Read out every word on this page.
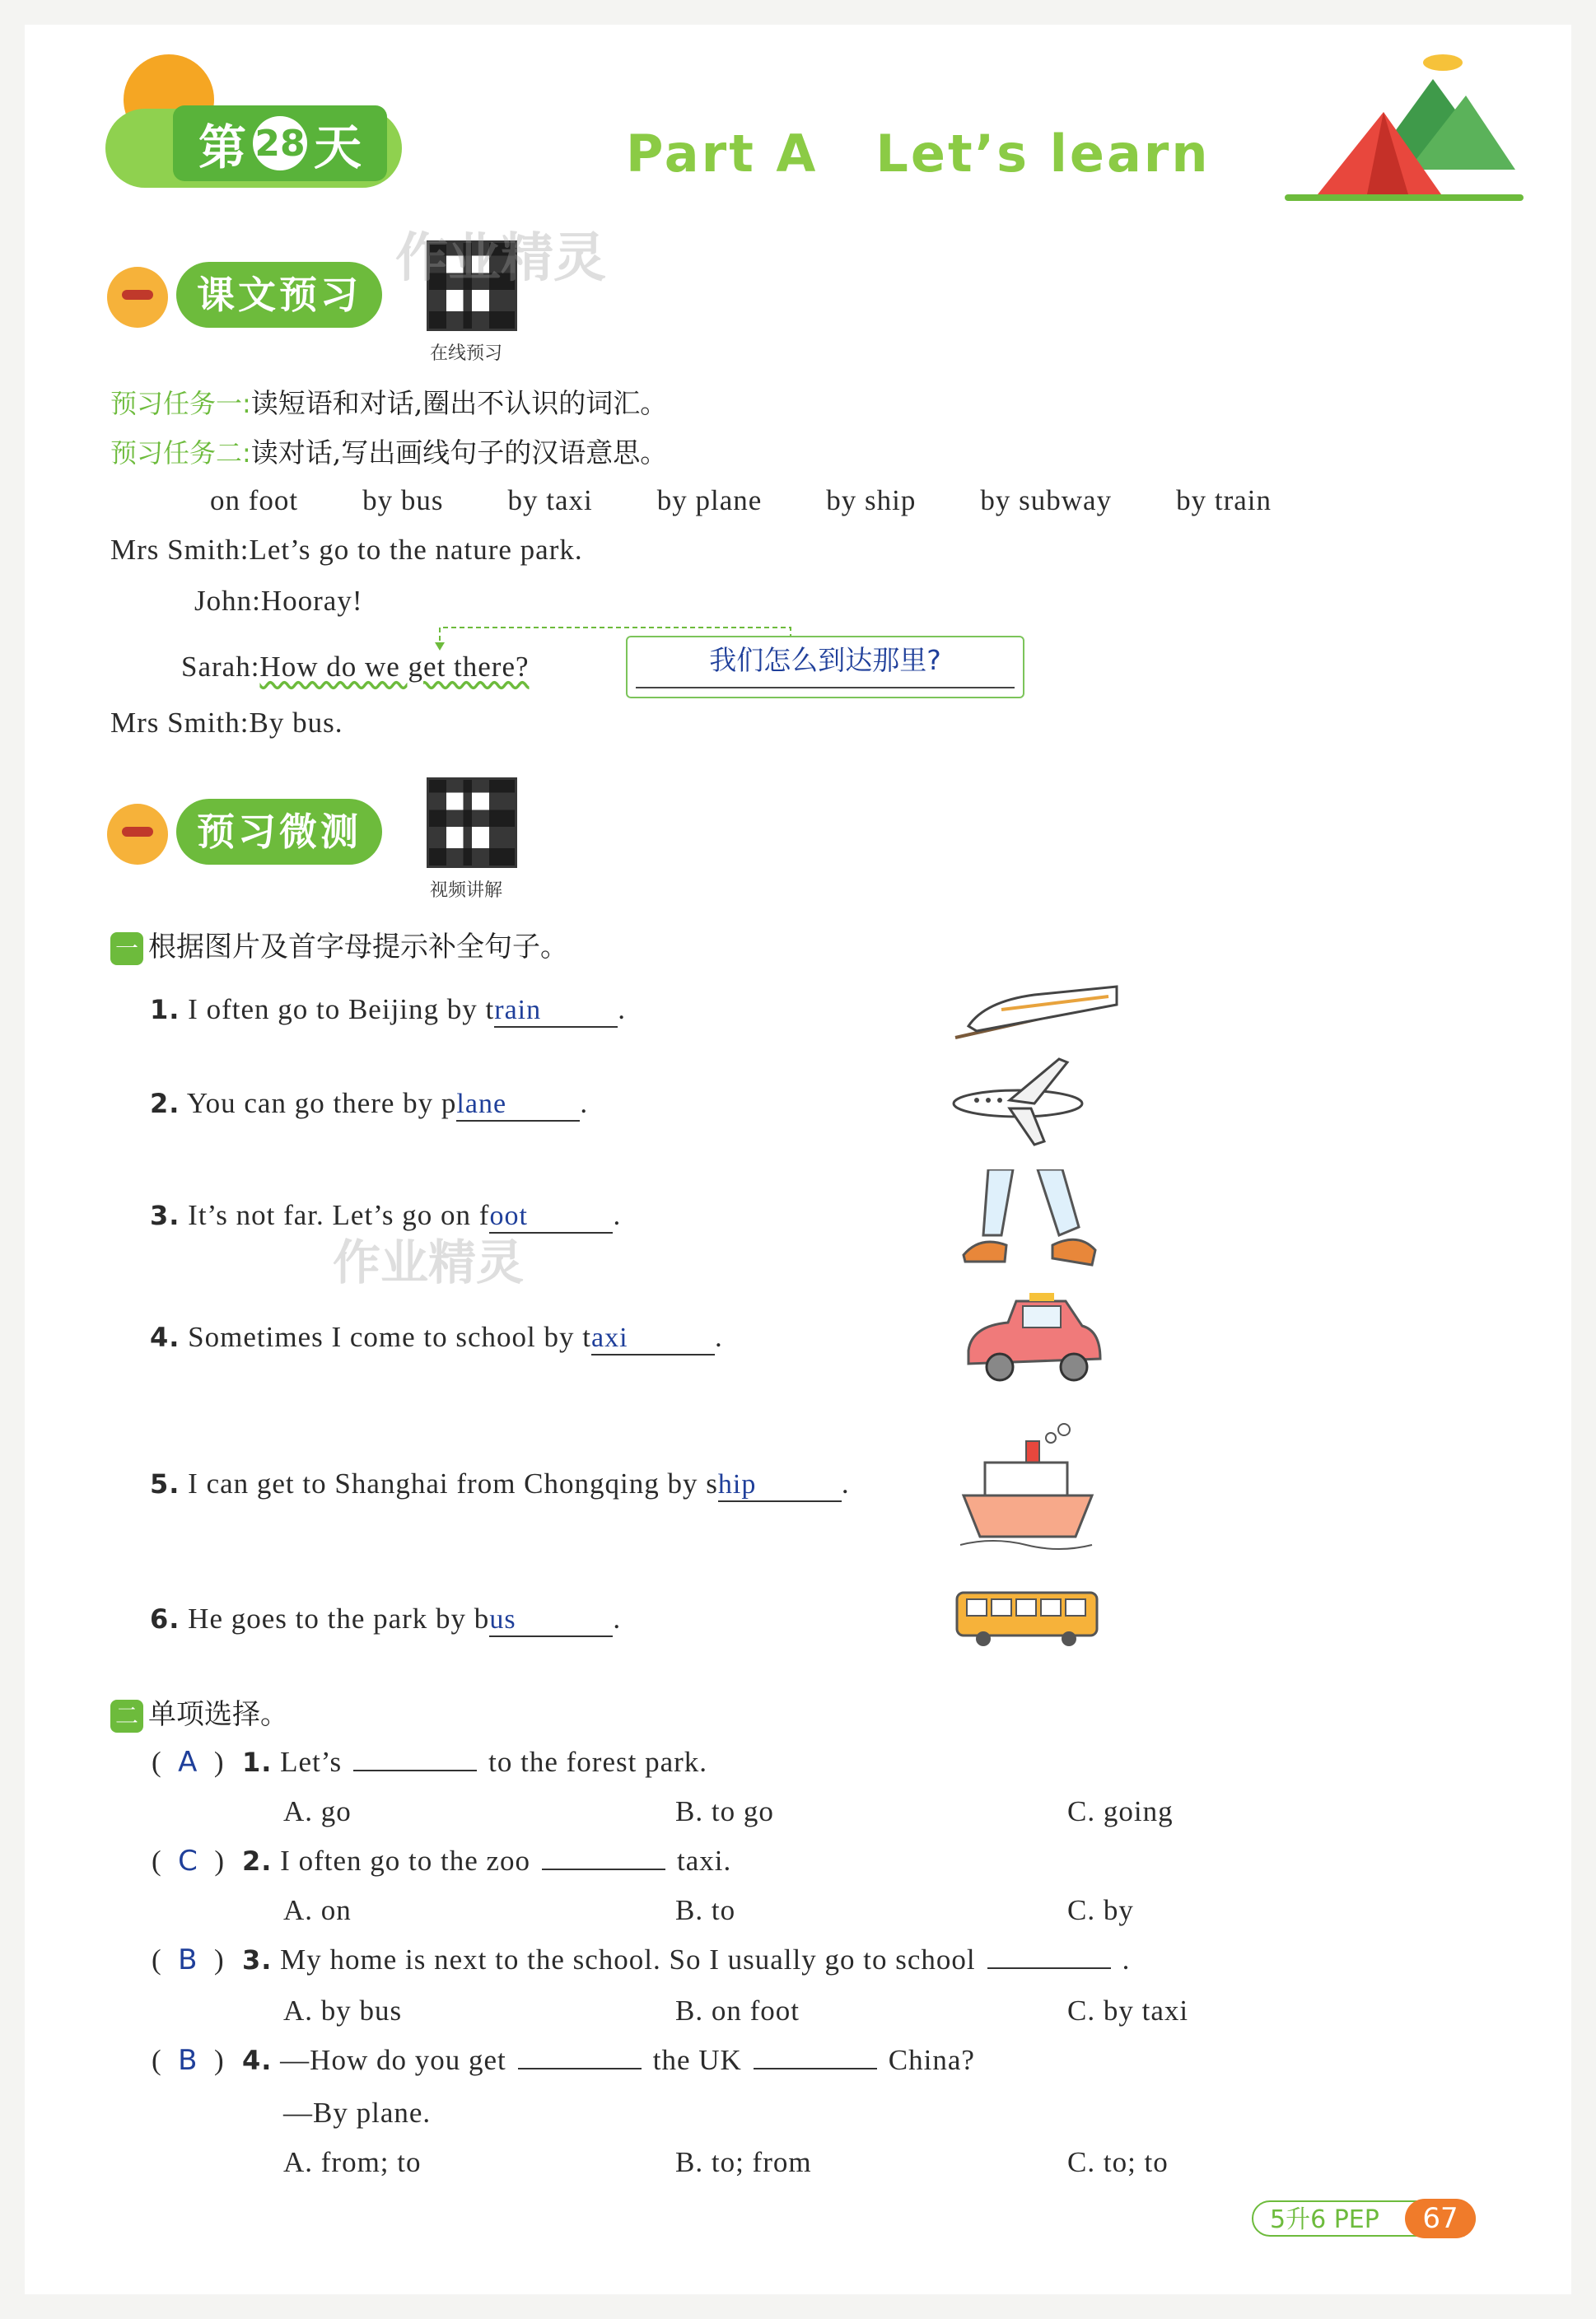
第 28 天	Part A Let’s learn
课文预习
在线预习
作业精灵
预习任务一:读短语和对话,圈出不认识的词汇。
预习任务二:读对话,写出画线句子的汉语意思。
on foot by bus by taxi by plane by ship by subway by train
Mrs Smith:Let’s go to the nature park.
John:Hooray!
Sarah:How do we get there?	我们怎么到达那里?
Mrs Smith:By bus.
预习微测
视频讲解
一 根据图片及首字母提示补全句子。
1. I often go to Beijing by train	.
2. You can go there by plane	.
3. It’s not far. Let’s go on foot	.
作业精灵
4. Sometimes I come to school by taxi	.
5. I can get to Shanghai from Chongqing by ship	.
6. He goes to the park by bus	.
二 单项选择。
(  A  ) 1. Let’s	to the forest park.
A. go	B. to go	C. going
(  C  ) 2. I often go to the zoo	taxi.
A. on	B. to	C. by
(  B  ) 3. My home is next to the school. So I usually go to school	.
A. by bus	B. on foot	C. by taxi
(  B  ) 4. —How do you get	the UK	China?
—By plane.
A. from; to	B. to; from	C. to; to
5升6 PEP	67
